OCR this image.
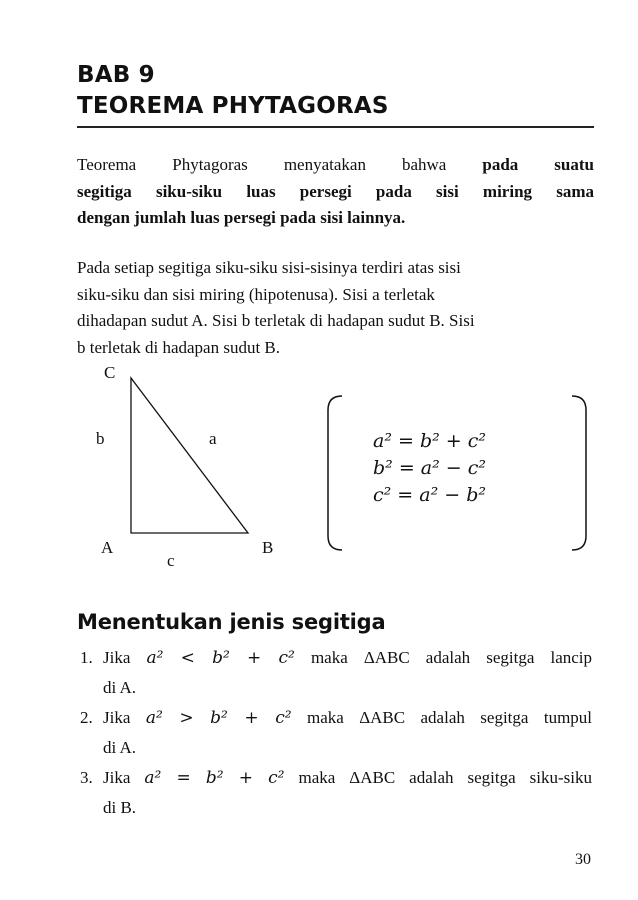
BAB 9
TEOREMA PHYTAGORAS
Teorema Phytagoras menyatakan bahwa pada suatu
segitiga siku-siku luas persegi pada sisi miring sama
dengan jumlah luas persegi pada sisi lainnya.
Pada setiap segitiga siku-siku sisi-sisinya terdiri atas sisi
siku-siku dan sisi miring (hipotenusa). Sisi a terletak
dihadapan sudut A. Sisi b terletak di hadapan sudut B. Sisi
b terletak di hadapan sudut B.
C
b	a
A	B
c
a² = b² + c²
b² = a² − c²
c² = a² − b²
Menentukan jenis segitiga
1. Jika a² < b² + c² maka ΔABC adalah segitga lancip
di A.
2. Jika a² > b² + c² maka ΔABC adalah segitga tumpul
di A.
3. Jika a² = b² + c² maka ΔABC adalah segitga siku-siku
di B.
30
